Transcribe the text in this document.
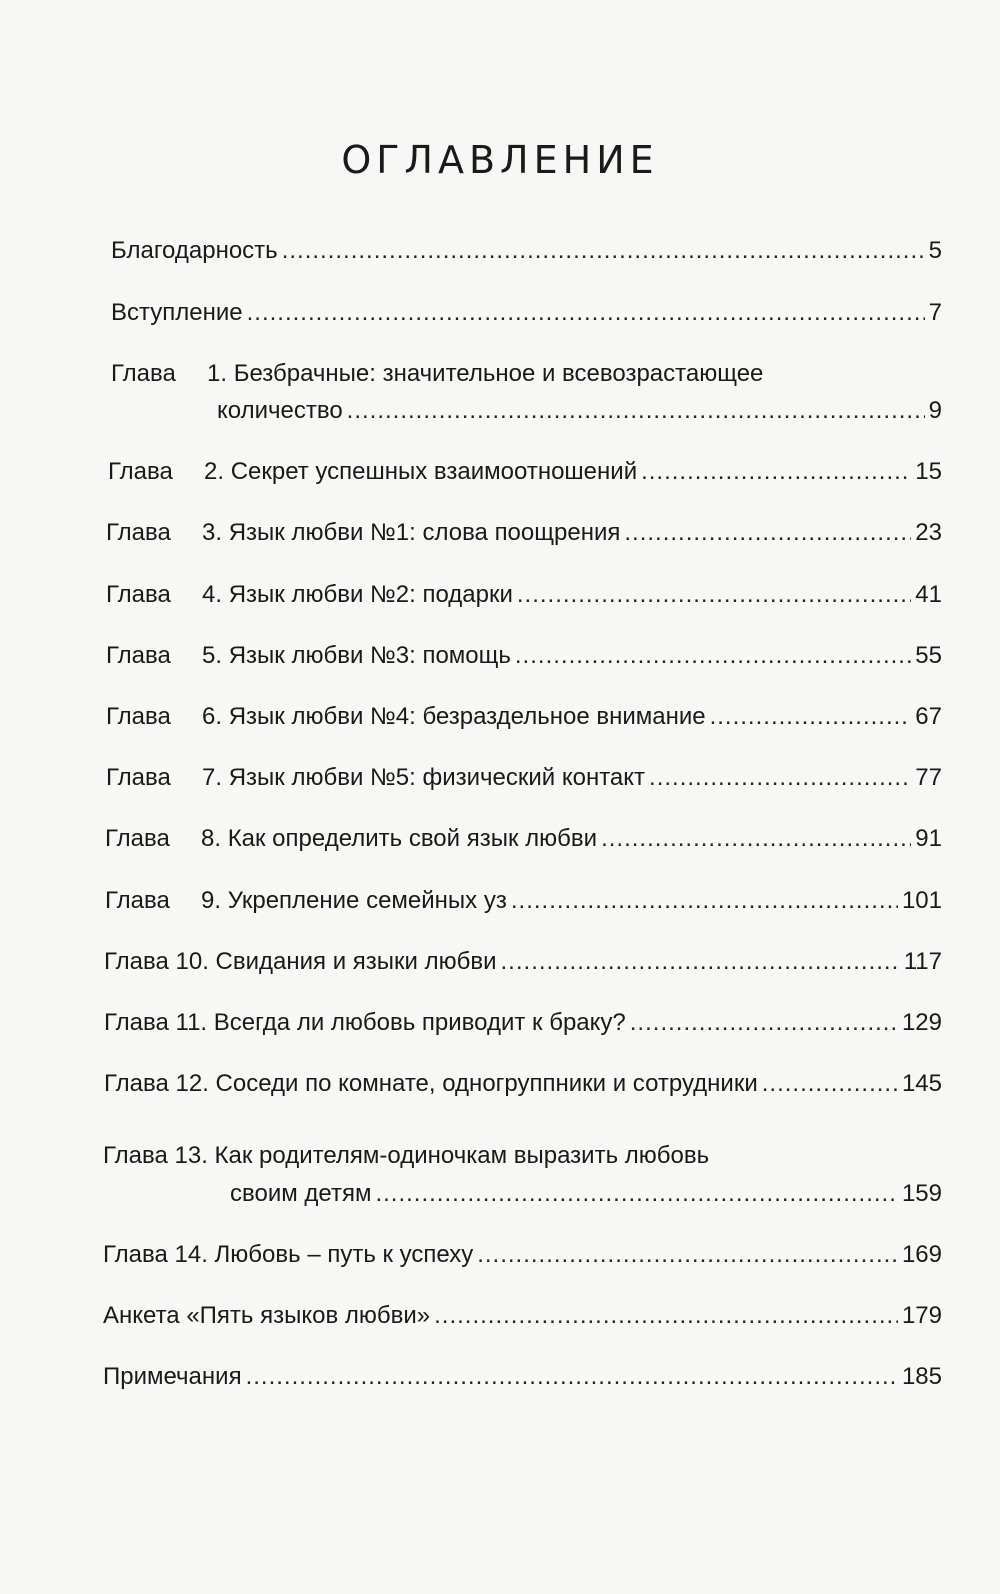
ОГЛАВЛЕНИЕ
Благодарность .....	5
Вступление .....	7
Глава 1. Безбрачные: значительное и всевозрастающее
количество .....	9
Глава 2. Секрет успешных взаимоотношений .....	15
Глава 3. Язык любви №1: слова поощрения .....	23
Глава 4. Язык любви №2: подарки .....	41
Глава 5. Язык любви №3: помощь .....	55
Глава 6. Язык любви №4: безраздельное внимание .....	67
Глава 7. Язык любви №5: физический контакт .....	77
Глава 8. Как определить свой язык любви .....	91
Глава 9. Укрепление семейных уз .....	101
Глава 10. Свидания и языки любви .....	117
Глава 11. Всегда ли любовь приводит к браку? .....	129
Глава 12. Соседи по комнате, одногруппники и сотрудники .....	145
Глава 13. Как родителям-одиночкам выразить любовь
своим детям .....	159
Глава 14. Любовь – путь к успеху .....	169
Анкета «Пять языков любви» .....	179
Примечания .....	185
